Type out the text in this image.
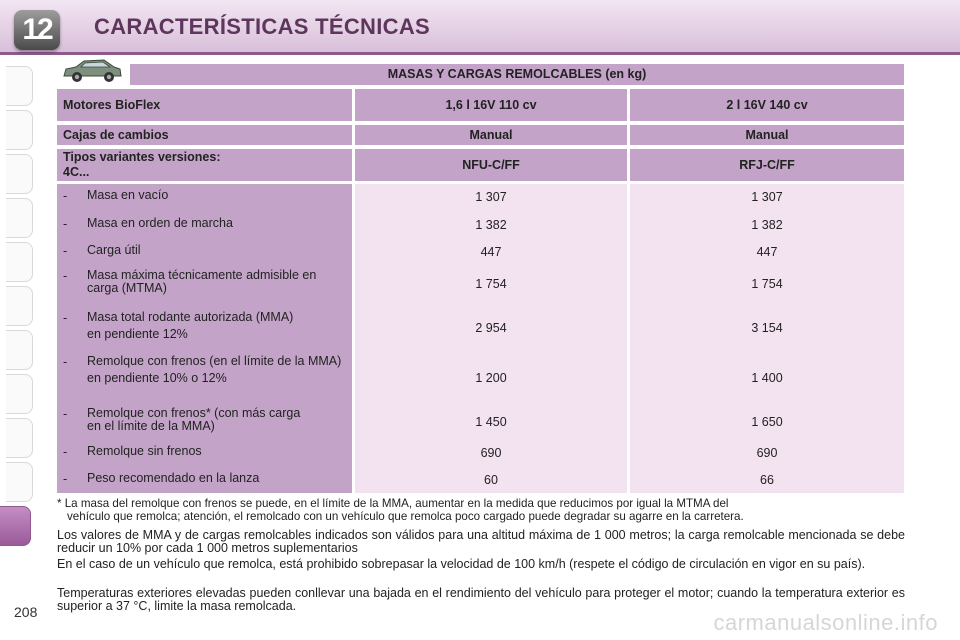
12	CARACTERÍSTICAS TÉCNICAS
MASAS Y CARGAS REMOLCABLES (en kg)
Motores BioFlex	1,6 l 16V 110 cv	2 l 16V 140 cv
Cajas de cambios	Manual	Manual
Tipos variantes versiones:
4C...	NFU-C/FF	RFJ-C/FF
-	Masa en vacío	1 307	1 307
-	Masa en orden de marcha	1 382	1 382
-	Carga útil	447	447
-	Masa máxima técnicamente admisible en carga (MTMA)	1 754	1 754
-	Masa total rodante autorizada (MMA)
en pendiente 12%	2 954	3 154
-	Remolque con frenos (en el límite de la MMA)
en pendiente 10% o 12%	1 200	1 400
-	Remolque con frenos* (con más carga en el límite de la MMA)	1 450	1 650
-	Remolque sin frenos	690	690
-	Peso recomendado en la lanza	60	66
* La masa del remolque con frenos se puede, en el límite de la MMA, aumentar en la medida que reducimos por igual la MTMA del
vehículo que remolca; atención, el remolcado con un vehículo que remolca poco cargado puede degradar su agarre en la carretera.
Los valores de MMA y de cargas remolcables indicados son válidos para una altitud máxima de 1 000 metros; la carga remolcable mencionada se debe reducir un 10% por cada 1 000 metros suplementarios
En el caso de un vehículo que remolca, está prohibido sobrepasar la velocidad de 100 km/h (respete el código de circulación en vigor en su país).
Temperaturas exteriores elevadas pueden conllevar una bajada en el rendimiento del vehículo para proteger el motor; cuando la temperatura exterior es superior a 37 °C, limite la masa remolcada.
208	carmanualsonline.info
